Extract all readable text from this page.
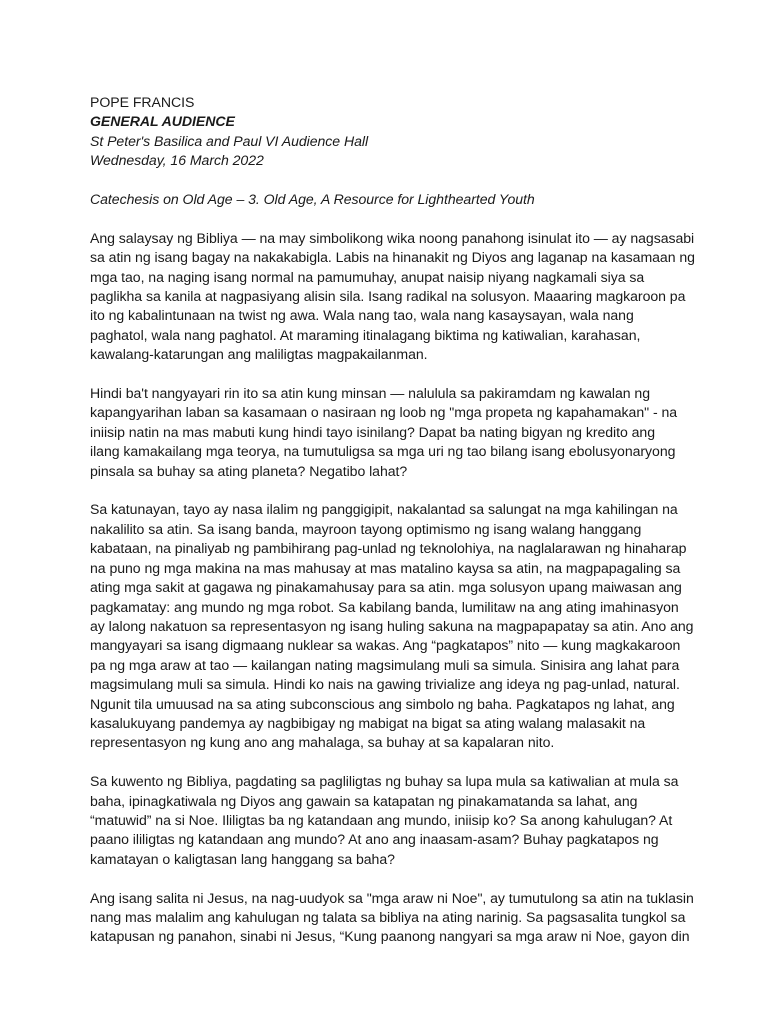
POPE FRANCIS
GENERAL AUDIENCE
St Peter's Basilica and Paul VI Audience Hall
Wednesday, 16 March 2022
Catechesis on Old Age – 3. Old Age, A Resource for Lighthearted Youth
Ang salaysay ng Bibliya — na may simbolikong wika noong panahong isinulat ito — ay nagsasabi
sa atin ng isang bagay na nakakabigla. Labis na hinanakit ng Diyos ang laganap na kasamaan ng
mga tao, na naging isang normal na pamumuhay, anupat naisip niyang nagkamali siya sa
paglikha sa kanila at nagpasiyang alisin sila. Isang radikal na solusyon. Maaaring magkaroon pa
ito ng kabalintunaan na twist ng awa. Wala nang tao, wala nang kasaysayan, wala nang
paghatol, wala nang paghatol. At maraming itinalagang biktima ng katiwalian, karahasan,
kawalang-katarungan ang maliligtas magpakailanman.
Hindi ba't nangyayari rin ito sa atin kung minsan — nalulula sa pakiramdam ng kawalan ng
kapangyarihan laban sa kasamaan o nasiraan ng loob ng "mga propeta ng kapahamakan" - na
iniisip natin na mas mabuti kung hindi tayo isinilang? Dapat ba nating bigyan ng kredito ang
ilang kamakailang mga teorya, na tumutuligsa sa mga uri ng tao bilang isang ebolusyonaryong
pinsala sa buhay sa ating planeta? Negatibo lahat?
Sa katunayan, tayo ay nasa ilalim ng panggigipit, nakalantad sa salungat na mga kahilingan na
nakalilito sa atin. Sa isang banda, mayroon tayong optimismo ng isang walang hanggang
kabataan, na pinaliyab ng pambihirang pag-unlad ng teknolohiya, na naglalarawan ng hinaharap
na puno ng mga makina na mas mahusay at mas matalino kaysa sa atin, na magpapagaling sa
ating mga sakit at gagawa ng pinakamahusay para sa atin. mga solusyon upang maiwasan ang
pagkamatay: ang mundo ng mga robot. Sa kabilang banda, lumilitaw na ang ating imahinasyon
ay lalong nakatuon sa representasyon ng isang huling sakuna na magpapapatay sa atin. Ano ang
mangyayari sa isang digmaang nuklear sa wakas. Ang “pagkatapos” nito — kung magkakaroon
pa ng mga araw at tao — kailangan nating magsimulang muli sa simula. Sinisira ang lahat para
magsimulang muli sa simula. Hindi ko nais na gawing trivialize ang ideya ng pag-unlad, natural.
Ngunit tila umuusad na sa ating subconscious ang simbolo ng baha. Pagkatapos ng lahat, ang
kasalukuyang pandemya ay nagbibigay ng mabigat na bigat sa ating walang malasakit na
representasyon ng kung ano ang mahalaga, sa buhay at sa kapalaran nito.
Sa kuwento ng Bibliya, pagdating sa pagliligtas ng buhay sa lupa mula sa katiwalian at mula sa
baha, ipinagkatiwala ng Diyos ang gawain sa katapatan ng pinakamatanda sa lahat, ang
“matuwid” na si Noe. Ililigtas ba ng katandaan ang mundo, iniisip ko? Sa anong kahulugan? At
paano ililigtas ng katandaan ang mundo? At ano ang inaasam-asam? Buhay pagkatapos ng
kamatayan o kaligtasan lang hanggang sa baha?
Ang isang salita ni Jesus, na nag-uudyok sa "mga araw ni Noe", ay tumutulong sa atin na tuklasin
nang mas malalim ang kahulugan ng talata sa bibliya na ating narinig. Sa pagsasalita tungkol sa
katapusan ng panahon, sinabi ni Jesus, “Kung paanong nangyari sa mga araw ni Noe, gayon din
